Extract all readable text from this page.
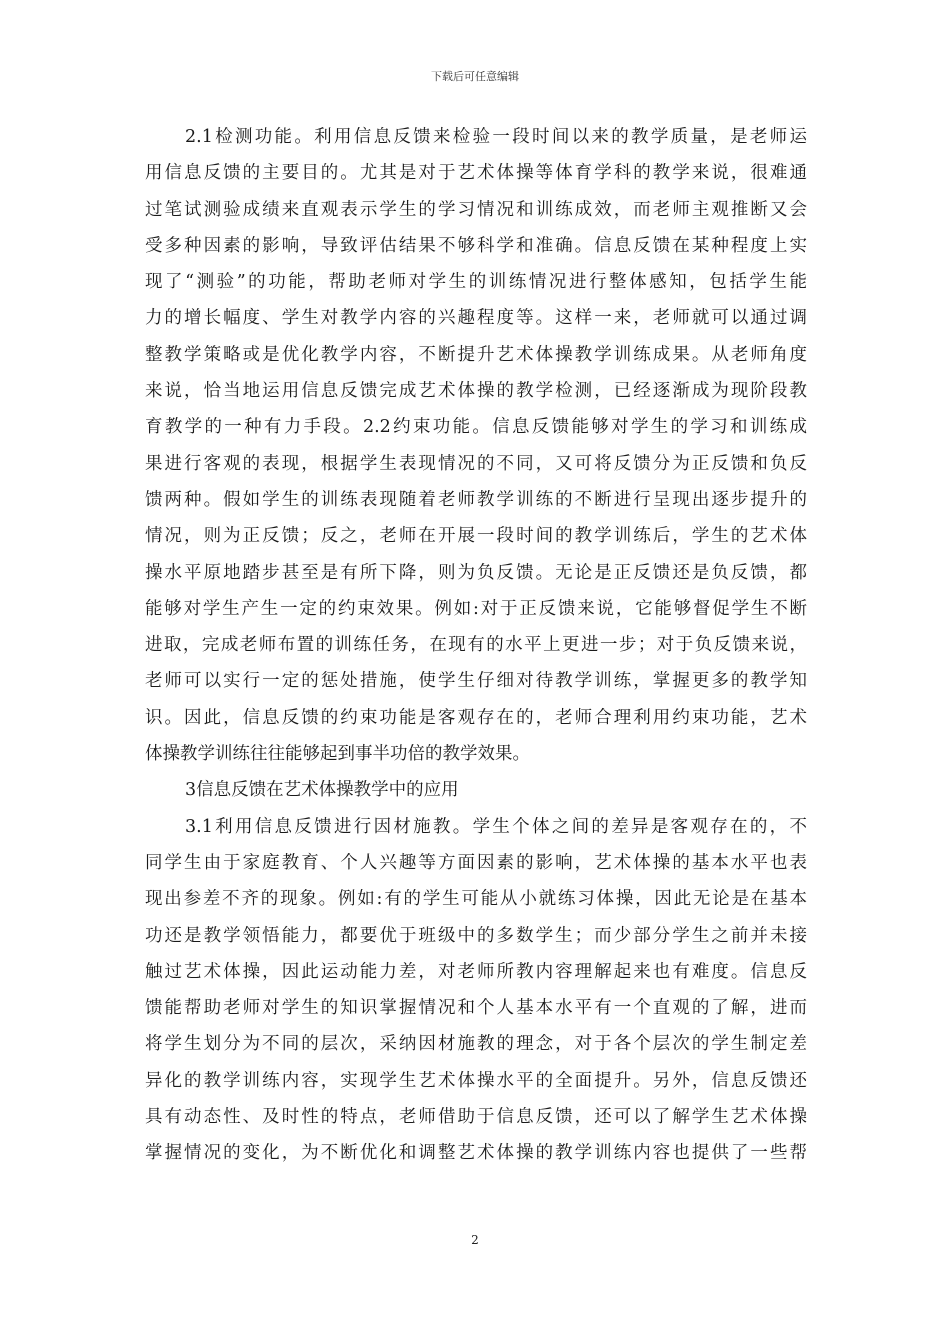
下载后可任意编辑
2.1检测功能。利用信息反馈来检验一段时间以来的教学质量，是老师运
用信息反馈的主要目的。尤其是对于艺术体操等体育学科的教学来说，很难通
过笔试测验成绩来直观表示学生的学习情况和训练成效，而老师主观推断又会
受多种因素的影响，导致评估结果不够科学和准确。信息反馈在某种程度上实
现了“测验”的功能，帮助老师对学生的训练情况进行整体感知，包括学生能
力的增长幅度、学生对教学内容的兴趣程度等。这样一来，老师就可以通过调
整教学策略或是优化教学内容，不断提升艺术体操教学训练成果。从老师角度
来说，恰当地运用信息反馈完成艺术体操的教学检测，已经逐渐成为现阶段教
育教学的一种有力手段。2.2约束功能。信息反馈能够对学生的学习和训练成
果进行客观的表现，根据学生表现情况的不同，又可将反馈分为正反馈和负反
馈两种。假如学生的训练表现随着老师教学训练的不断进行呈现出逐步提升的
情况，则为正反馈；反之，老师在开展一段时间的教学训练后，学生的艺术体
操水平原地踏步甚至是有所下降，则为负反馈。无论是正反馈还是负反馈，都
能够对学生产生一定的约束效果。例如:对于正反馈来说，它能够督促学生不断
进取，完成老师布置的训练任务，在现有的水平上更进一步；对于负反馈来说，
老师可以实行一定的惩处措施，使学生仔细对待教学训练，掌握更多的教学知
识。因此，信息反馈的约束功能是客观存在的，老师合理利用约束功能，艺术
体操教学训练往往能够起到事半功倍的教学效果。
3信息反馈在艺术体操教学中的应用
3.1利用信息反馈进行因材施教。学生个体之间的差异是客观存在的，不
同学生由于家庭教育、个人兴趣等方面因素的影响，艺术体操的基本水平也表
现出参差不齐的现象。例如:有的学生可能从小就练习体操，因此无论是在基本
功还是教学领悟能力，都要优于班级中的多数学生；而少部分学生之前并未接
触过艺术体操，因此运动能力差，对老师所教内容理解起来也有难度。信息反
馈能帮助老师对学生的知识掌握情况和个人基本水平有一个直观的了解，进而
将学生划分为不同的层次，采纳因材施教的理念，对于各个层次的学生制定差
异化的教学训练内容，实现学生艺术体操水平的全面提升。另外，信息反馈还
具有动态性、及时性的特点，老师借助于信息反馈，还可以了解学生艺术体操
掌握情况的变化，为不断优化和调整艺术体操的教学训练内容也提供了一些帮
2
